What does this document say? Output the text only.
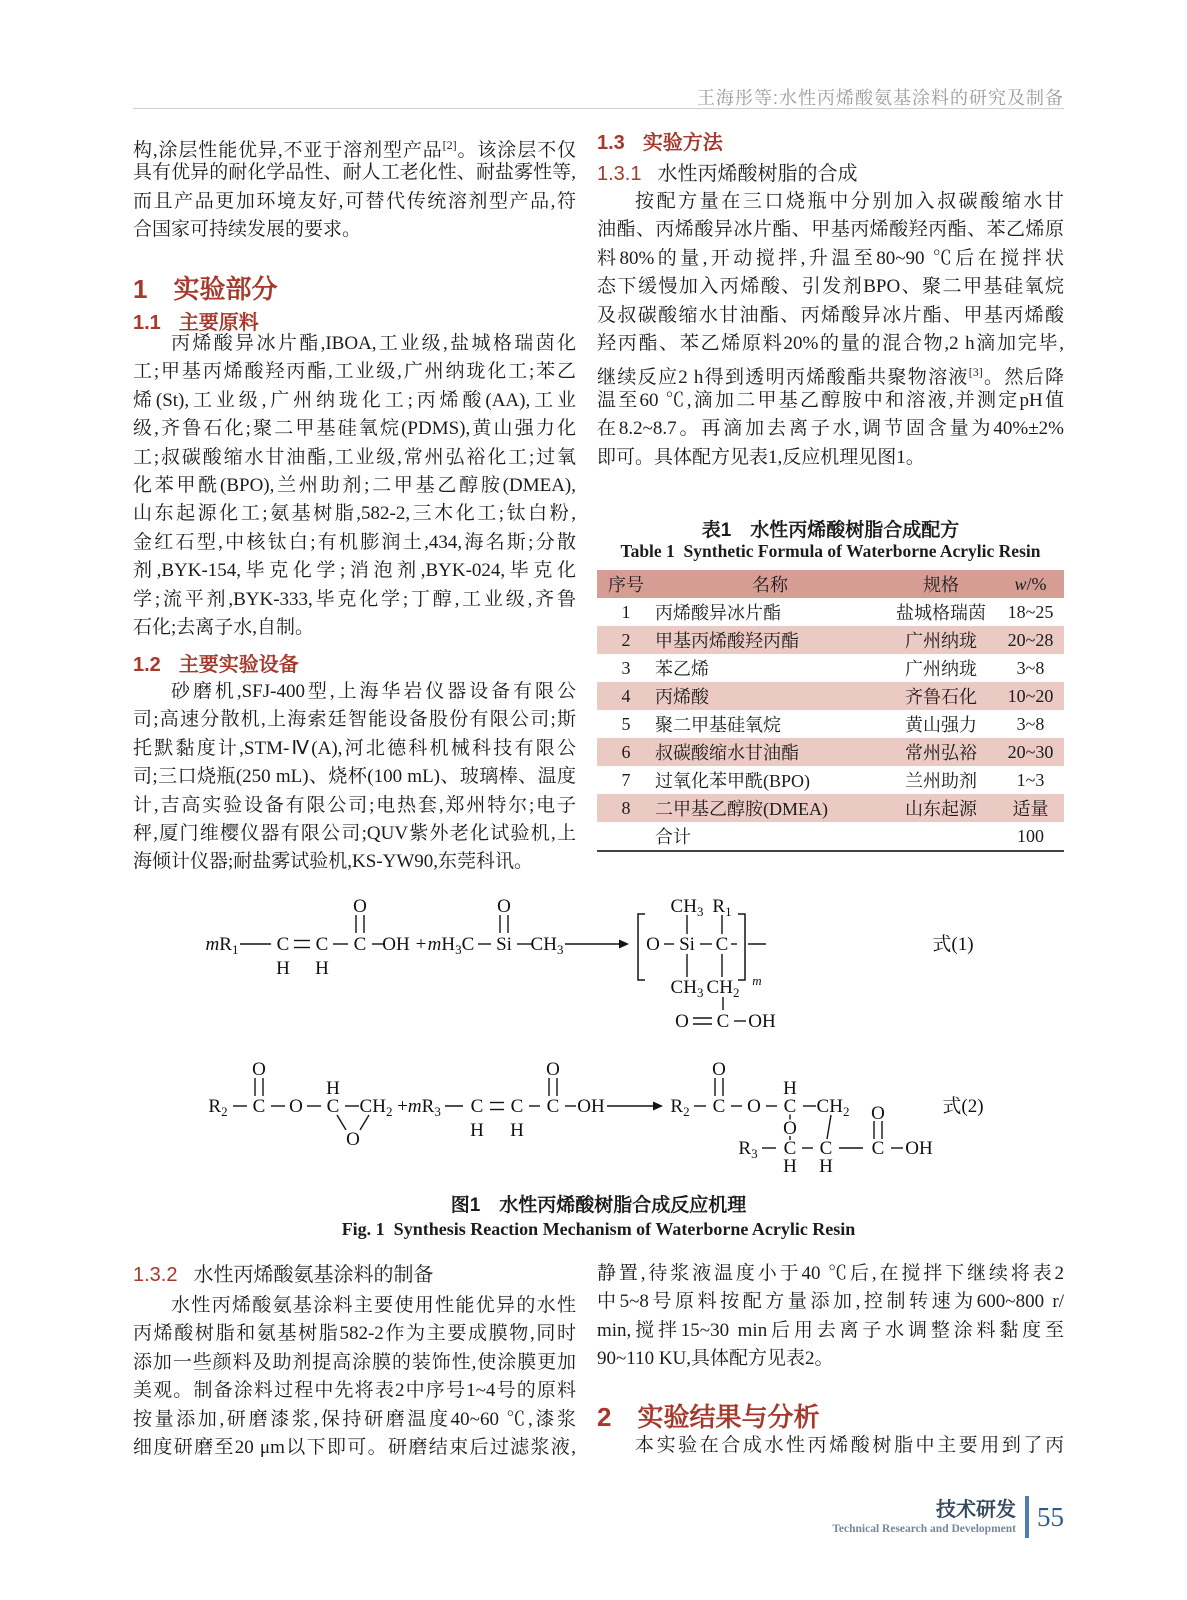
王海彤等:水性丙烯酸氨基涂料的研究及制备
构,涂层性能优异,不亚于溶剂型产品[2]。该涂层不仅
具有优异的耐化学品性、耐人工老化性、耐盐雾性等,
而且产品更加环境友好,可替代传统溶剂型产品,符
合国家可持续发展的要求。
1 实验部分
1.1 主要原料
丙烯酸异冰片酯,IBOA,工业级,盐城格瑞茵化
工;甲基丙烯酸羟丙酯,工业级,广州纳珑化工;苯乙
烯(St),工业级,广州纳珑化工;丙烯酸(AA),工业
级,齐鲁石化;聚二甲基硅氧烷(PDMS),黄山强力化
工;叔碳酸缩水甘油酯,工业级,常州弘裕化工;过氧
化苯甲酰(BPO),兰州助剂;二甲基乙醇胺(DMEA),
山东起源化工;氨基树脂,582-2,三木化工;钛白粉,
金红石型,中核钛白;有机膨润土,434,海名斯;分散
剂,BYK-154,毕克化学;消泡剂,BYK-024,毕克化
学;流平剂,BYK-333,毕克化学;丁醇,工业级,齐鲁
石化;去离子水,自制。
1.2 主要实验设备
砂磨机,SFJ-400型,上海华岩仪器设备有限公
司;高速分散机,上海索廷智能设备股份有限公司;斯
托默黏度计,STM-Ⅳ(A),河北德科机械科技有限公
司;三口烧瓶(250 mL)、烧杯(100 mL)、玻璃棒、温度
计,吉高实验设备有限公司;电热套,郑州特尔;电子
秤,厦门维樱仪器有限公司;QUV紫外老化试验机,上
海倾计仪器;耐盐雾试验机,KS-YW90,东莞科讯。
1.3 实验方法
1.3.1 水性丙烯酸树脂的合成
按配方量在三口烧瓶中分别加入叔碳酸缩水甘
油酯、丙烯酸异冰片酯、甲基丙烯酸羟丙酯、苯乙烯原
料80%的量,开动搅拌,升温至80~90 ℃后在搅拌状
态下缓慢加入丙烯酸、引发剂BPO、聚二甲基硅氧烷
及叔碳酸缩水甘油酯、丙烯酸异冰片酯、甲基丙烯酸
羟丙酯、苯乙烯原料20%的量的混合物,2 h滴加完毕,
继续反应2 h得到透明丙烯酸酯共聚物溶液[3]。然后降
温至60 ℃,滴加二甲基乙醇胺中和溶液,并测定pH值
在8.2~8.7。再滴加去离子水,调节固含量为40%±2%
即可。具体配方见表1,反应机理见图1。
表1　水性丙烯酸树脂合成配方
Table 1  Synthetic Formula of Waterborne Acrylic Resin
序号	名称	规格	w/%
1	丙烯酸异冰片酯	盐城格瑞茵	18~25
2	甲基丙烯酸羟丙酯	广州纳珑	20~28
3	苯乙烯	广州纳珑	3~8
4	丙烯酸	齐鲁石化	10~20
5	聚二甲基硅氧烷	黄山强力	3~8
6	叔碳酸缩水甘油酯	常州弘裕	20~30
7	过氧化苯甲酰(BPO)	兰州助剂	1~3
8	二甲基乙醇胺(DMEA)	山东起源	适量
	合计		100
$mR_1$ C C
H H
C
O
OH + $mH_3C$ Si
O
$CH_3$	O Si C
$CH_3$ $R_1$
$CH_3$ $CH_2$
m
O C OH
式(1)
$R_2$ C
O
O C
H
$CH_2$
O
$+mR_3$ C
H
C
H
C
O
OH	$R_2$ C
O
O C
H
$CH_2$
O
$R_3$ C
H
C
H
C
O
OH
式(2)
图1　水性丙烯酸树脂合成反应机理
Fig. 1  Synthesis Reaction Mechanism of Waterborne Acrylic Resin
1.3.2 水性丙烯酸氨基涂料的制备
水性丙烯酸氨基涂料主要使用性能优异的水性
丙烯酸树脂和氨基树脂582-2作为主要成膜物,同时
添加一些颜料及助剂提高涂膜的装饰性,使涂膜更加
美观。制备涂料过程中先将表2中序号1~4号的原料
按量添加,研磨漆浆,保持研磨温度40~60 ℃,漆浆
细度研磨至20 μm以下即可。研磨结束后过滤浆液,
静置,待浆液温度小于40 ℃后,在搅拌下继续将表2
中5~8号原料按配方量添加,控制转速为600~800 r/
min,搅拌15~30 min后用去离子水调整涂料黏度至
90~110 KU,具体配方见表2。
2 实验结果与分析
本实验在合成水性丙烯酸树脂中主要用到了丙
技术研发
Technical Research and Development 55
